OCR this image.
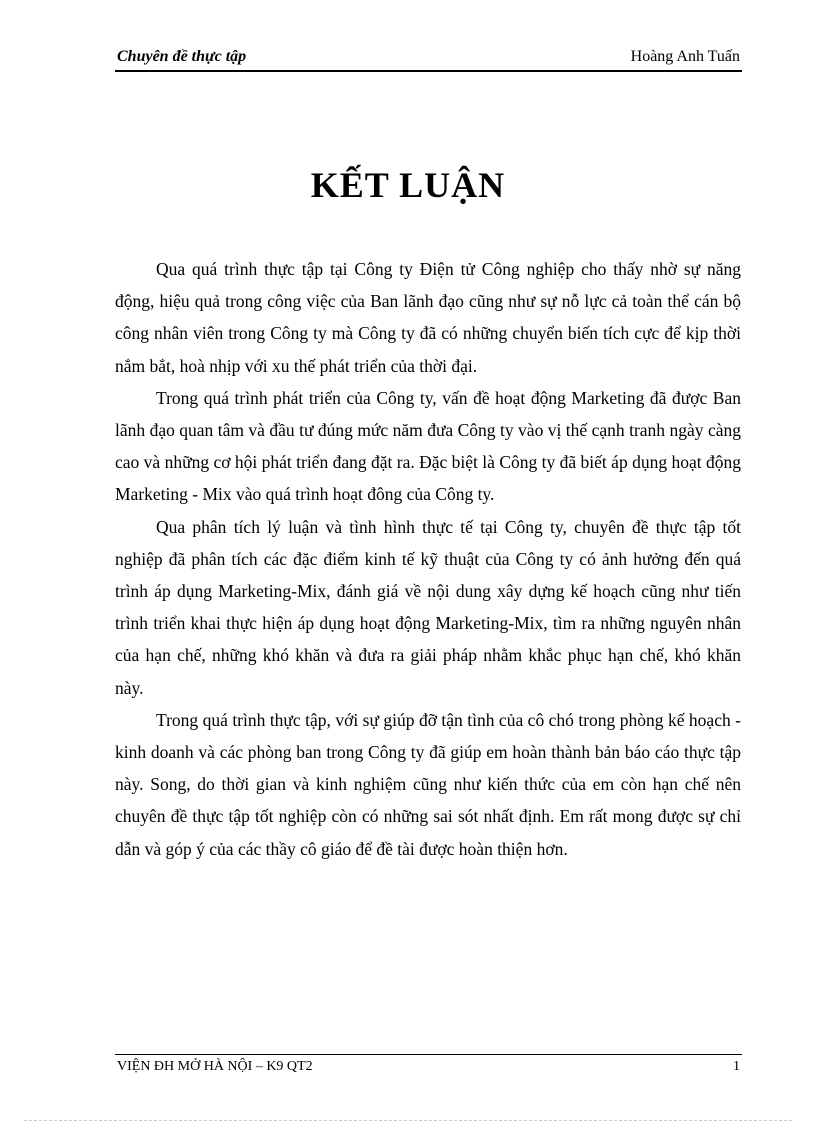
Chuyên đề thực tập	Hoàng Anh Tuấn
KẾT LUẬN

Qua quá trình thực tập tại Công ty Điện tử Công nghiệp cho thấy nhờ sự năng động, hiệu quả trong công việc của Ban lãnh đạo cũng như sự nỗ lực cả toàn thể cán bộ công nhân viên trong Công ty mà Công ty đã có những chuyển biến tích cực để kịp thời nắm bắt, hoà nhịp với xu thế phát triển của thời đại.

Trong quá trình phát triển của Công ty, vấn đề hoạt động Marketing đã được Ban lãnh đạo quan tâm và đầu tư đúng mức năm đưa Công ty vào vị thế cạnh tranh ngày càng cao và những cơ hội phát triển đang đặt ra. Đặc biệt là Công ty đã biết áp dụng hoạt động Marketing - Mix vào quá trình hoạt đông của Công ty.

Qua phân tích lý luận và tình hình thực tế tại Công ty, chuyên đề thực tập tốt nghiệp đã phân tích các đặc điểm kinh tế kỹ thuật của Công ty có ảnh hưởng đến quá trình áp dụng Marketing-Mix, đánh giá về nội dung xây dựng kế hoạch cũng như tiến trình triển khai thực hiện áp dụng hoạt động Marketing-Mix, tìm ra những nguyên nhân của hạn chế, những khó khăn và đưa ra giải pháp nhằm khắc phục hạn chế, khó khăn này.

Trong quá trình thực tập, với sự giúp đỡ tận tình của cô chó trong phòng kế hoạch - kinh doanh và các phòng ban trong Công ty đã giúp em hoàn thành bản báo cáo thực tập này. Song, do thời gian và kinh nghiệm cũng như kiến thức của em còn hạn chế nên chuyên đề thực tập tốt nghiệp còn có những sai sót nhất định. Em rất mong được sự chỉ dẫn và góp ý của các thầy cô giáo để đề tài được hoàn thiện hơn.

VIỆN ĐH MỞ HÀ NỘI – K9 QT2	1
